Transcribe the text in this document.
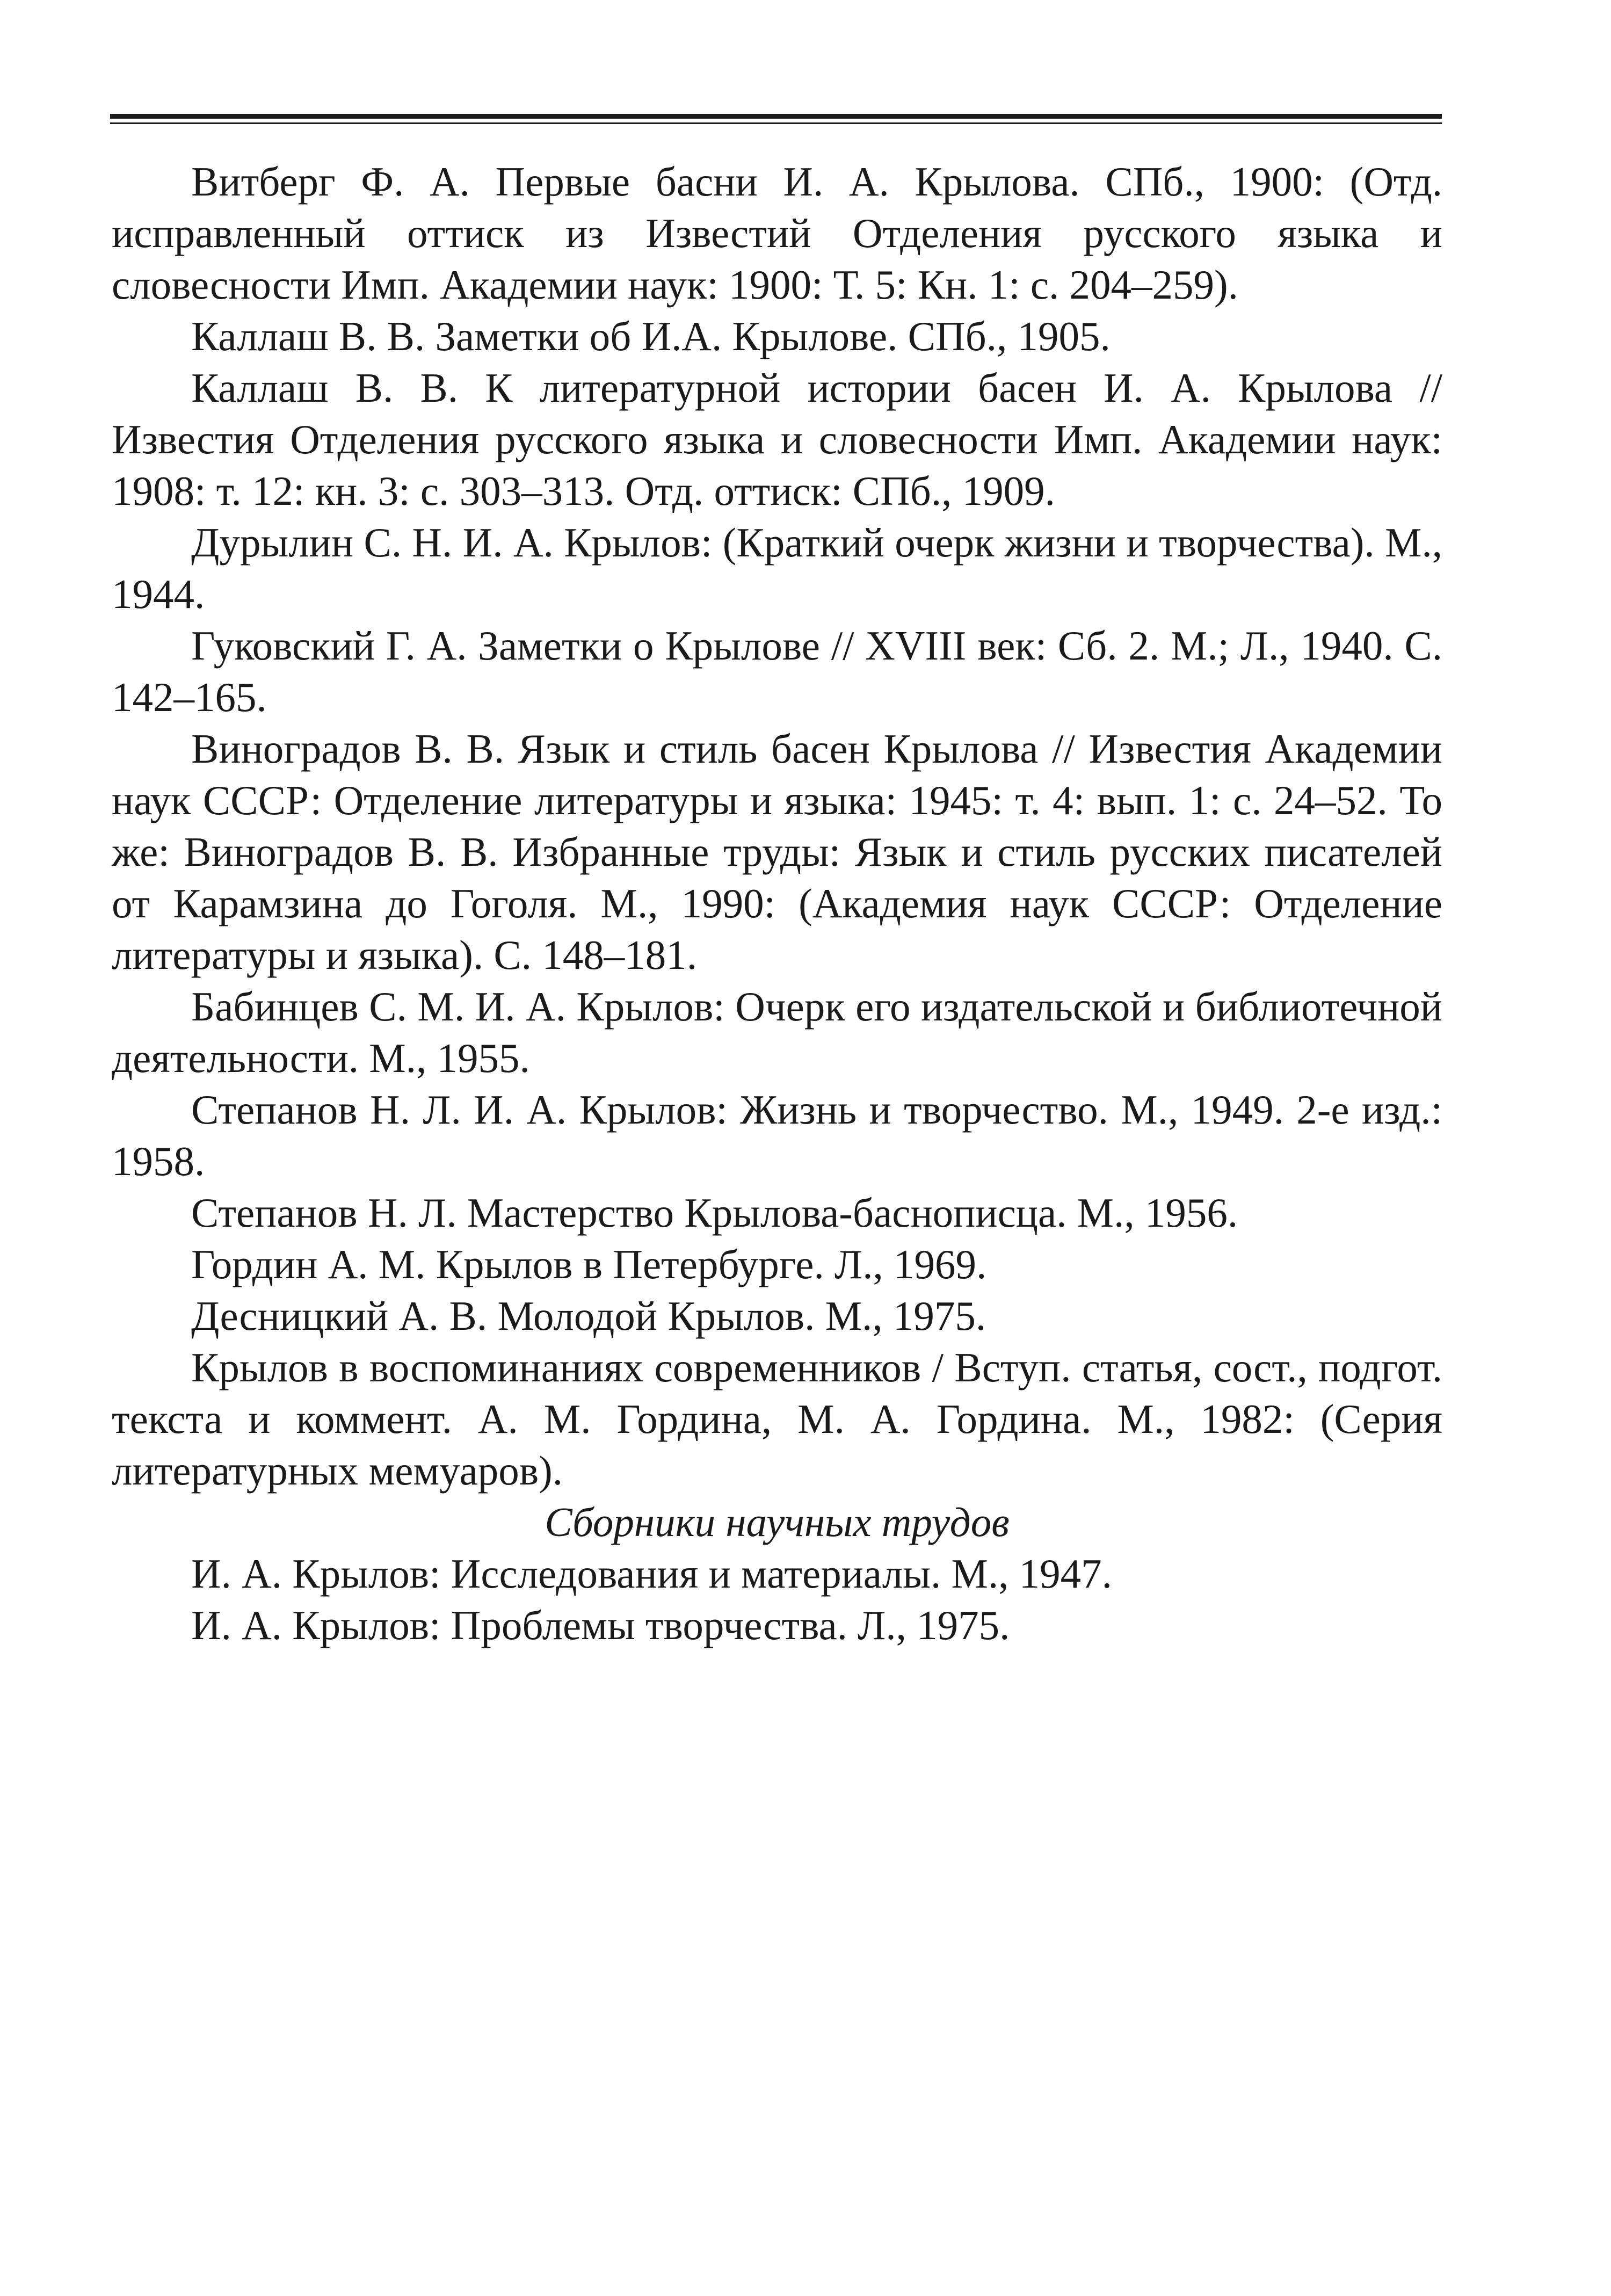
Витберг Ф. А. Первые басни И. А. Крылова. СПб., 1900: (Отд. исправленный оттиск из Известий Отделения русского языка и словесности Имп. Академии наук: 1900: Т. 5: Кн. 1: с. 204–259).

Каллаш В. В. Заметки об И.А. Крылове. СПб., 1905.

Каллаш В. В. К литературной истории басен И. А. Крылова // Известия Отделения русского языка и словесности Имп. Академии наук: 1908: т. 12: кн. 3: с. 303–313. Отд. оттиск: СПб., 1909.

Дурылин С. Н. И. А. Крылов: (Краткий очерк жизни и творчества). М., 1944.

Гуковский Г. А. Заметки о Крылове // XVIII век: Сб. 2. М.; Л., 1940. С. 142–165.

Виноградов В. В. Язык и стиль басен Крылова // Известия Академии наук СССР: Отделение литературы и языка: 1945: т. 4: вып. 1: с. 24–52. То же: Виноградов В. В. Избранные труды: Язык и стиль русских писателей от Карамзина до Гоголя. М., 1990: (Академия наук СССР: Отделение литературы и языка). С. 148–181.

Бабинцев С. М. И. А. Крылов: Очерк его издательской и библиотечной деятельности. М., 1955.

Степанов Н. Л. И. А. Крылов: Жизнь и творчество. М., 1949. 2-е изд.: 1958.

Степанов Н. Л. Мастерство Крылова-баснописца. М., 1956.

Гордин А. М. Крылов в Петербурге. Л., 1969.

Десницкий А. В. Молодой Крылов. М., 1975.

Крылов в воспоминаниях современников / Вступ. статья, сост., подгот. текста и коммент. А. М. Гордина, М. А. Гордина. М., 1982: (Серия литературных мемуаров).

Сборники научных трудов

И. А. Крылов: Исследования и материалы. М., 1947.

И. А. Крылов: Проблемы творчества. Л., 1975.
